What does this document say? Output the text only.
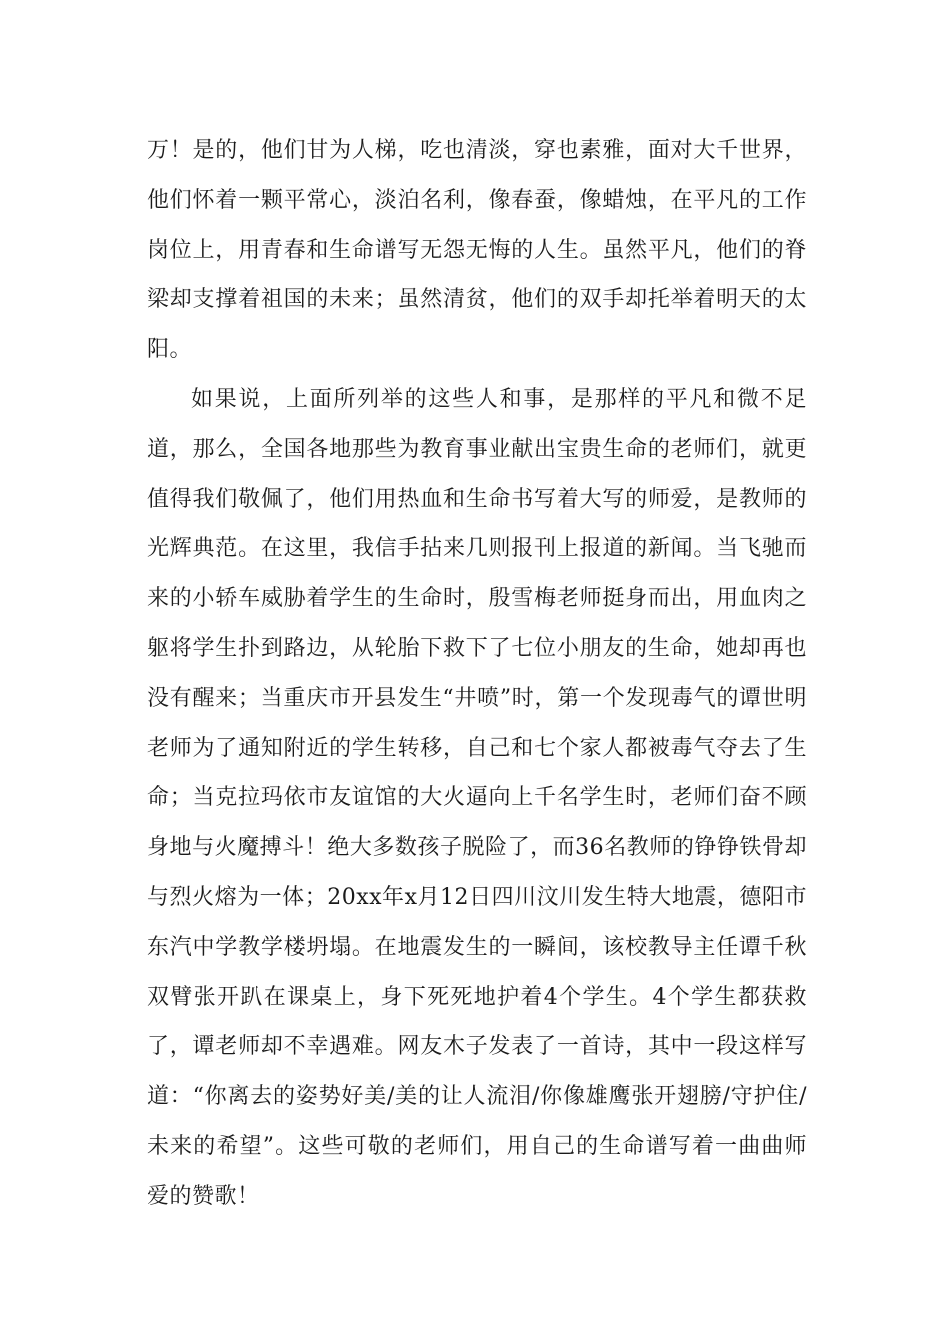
万！是的，他们甘为人梯，吃也清淡，穿也素雅，面对大千世界，他们怀着一颗平常心，淡泊名利，像春蚕，像蜡烛，在平凡的工作岗位上，用青春和生命谱写无怨无悔的人生。虽然平凡，他们的脊梁却支撑着祖国的未来；虽然清贫，他们的双手却托举着明天的太阳。

如果说，上面所列举的这些人和事，是那样的平凡和微不足道，那么，全国各地那些为教育事业献出宝贵生命的老师们，就更值得我们敬佩了，他们用热血和生命书写着大写的师爱，是教师的光辉典范。在这里，我信手拈来几则报刊上报道的新闻。当飞驰而来的小轿车威胁着学生的生命时，殷雪梅老师挺身而出，用血肉之躯将学生扑到路边，从轮胎下救下了七位小朋友的生命，她却再也没有醒来；当重庆市开县发生“井喷”时，第一个发现毒气的谭世明老师为了通知附近的学生转移，自己和七个家人都被毒气夺去了生命；当克拉玛依市友谊馆的大火逼向上千名学生时，老师们奋不顾身地与火魔搏斗！绝大多数孩子脱险了，而36名教师的铮铮铁骨却与烈火熔为一体；20xx年x月12日四川汶川发生特大地震，德阳市东汽中学教学楼坍塌。在地震发生的一瞬间，该校教导主任谭千秋双臂张开趴在课桌上，身下死死地护着4个学生。4个学生都获救了，谭老师却不幸遇难。网友木子发表了一首诗，其中一段这样写道：“你离去的姿势好美/美的让人流泪/你像雄鹰张开翅膀/守护住/未来的希望”。这些可敬的老师们，用自己的生命谱写着一曲曲师爱的赞歌！
